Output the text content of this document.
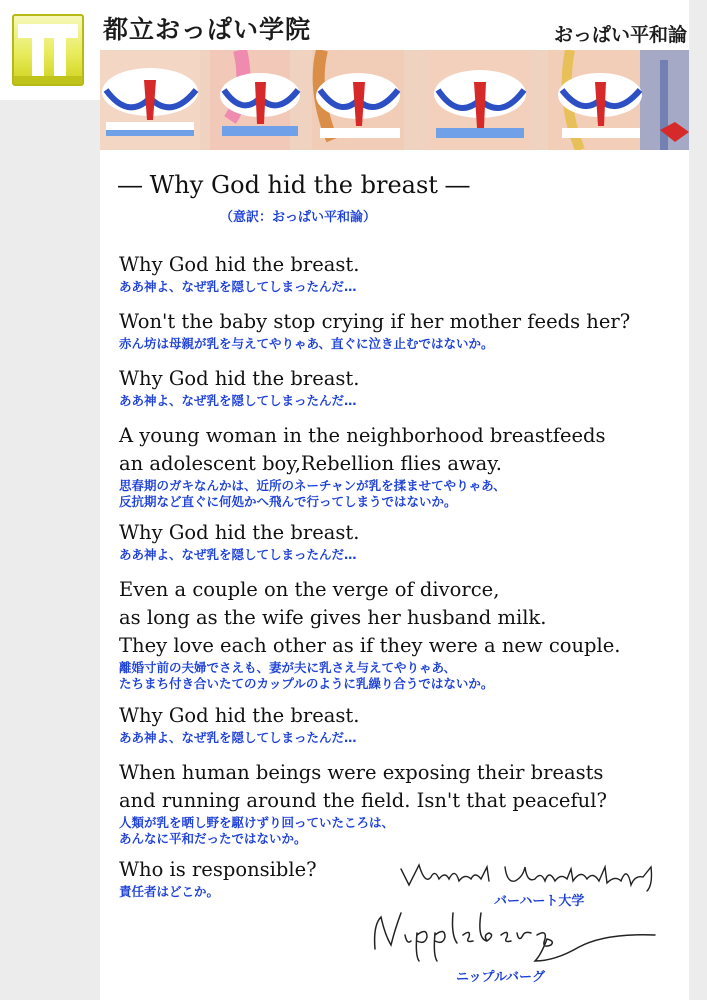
都立おっぱい学院	おっぱい平和論
― Why God hid the breast ―
（意訳：おっぱい平和論）

Why God hid the breast.

ああ神よ、なぜ乳を隠してしまったんだ…

Won't the baby stop crying if her mother feeds her?

赤ん坊は母親が乳を与えてやりゃあ、直ぐに泣き止むではないか。

Why God hid the breast.

ああ神よ、なぜ乳を隠してしまったんだ…

A young woman in the neighborhood breastfeeds

an adolescent boy,Rebellion flies away.

思春期のガキなんかは、近所のネーチャンが乳を揉ませてやりゃあ、

反抗期など直ぐに何処かへ飛んで行ってしまうではないか。

Why God hid the breast.

ああ神よ、なぜ乳を隠してしまったんだ…

Even a couple on the verge of divorce,

as long as the wife gives her husband milk.

They love each other as if they were a new couple.

離婚寸前の夫婦でさえも、妻が夫に乳さえ与えてやりゃあ、

たちまち付き合いたてのカップルのように乳繰り合うではないか。

Why God hid the breast.

ああ神よ、なぜ乳を隠してしまったんだ…

When human beings were exposing their breasts

and running around the field. Isn't that peaceful?

人類が乳を晒し野を駆けずり回っていたころは、

あんなに平和だったではないか。

Who is responsible?

責任者はどこか。

バーハート大学
ニップルバーグ
